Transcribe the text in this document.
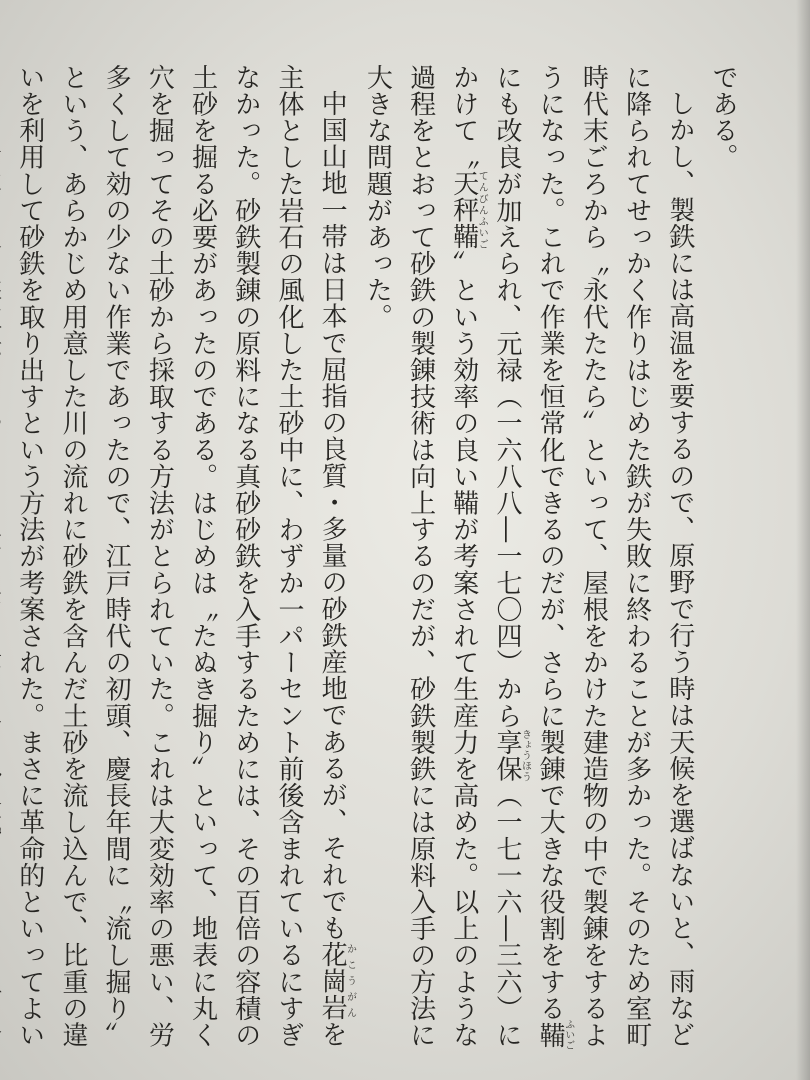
である。

しかし、製鉄には高温を要するので、原野で行う時は天候を選ばないと、雨などに降られてせっかく作りはじめた鉄が失敗に終わることが多かった。そのため室町時代末ごろから〝永代たたら〟といって、屋根をかけた建造物の中で製錬をするようになった。これで作業を恒常化できるのだが、さらに製錬で大きな役割をする鞴ふいごにも改良が加えられ、元禄（一六八八―一七〇四）から享保きょうほう（一七一六―三六）にかけて〝天秤鞴てんびんふいご〟という効率の良い鞴が考案されて生産力を高めた。以上のような過程をとおって砂鉄の製錬技術は向上するのだが、砂鉄製鉄には原料入手の方法に大きな問題があった。

中国山地一帯は日本で屈指の良質・多量の砂鉄産地であるが、それでも花崗岩かこうがんを主体とした岩石の風化した土砂中に、わずか一パーセント前後含まれているにすぎなかった。砂鉄製錬の原料になる真砂砂鉄を入手するためには、その百倍の容積の土砂を掘る必要があったのである。はじめは〝たぬき掘り〟といって、地表に丸く穴を掘ってその土砂から採取する方法がとられていた。これは大変効率の悪い、労多くして効の少ない作業であったので、江戸時代の初頭、慶長年間に〝流し掘り〟という、あらかじめ用意した川の流れに砂鉄を含んだ土砂を流し込んで、比重の違いを利用して砂鉄を取り出すという方法が考案された。まさに革命的といってよい
